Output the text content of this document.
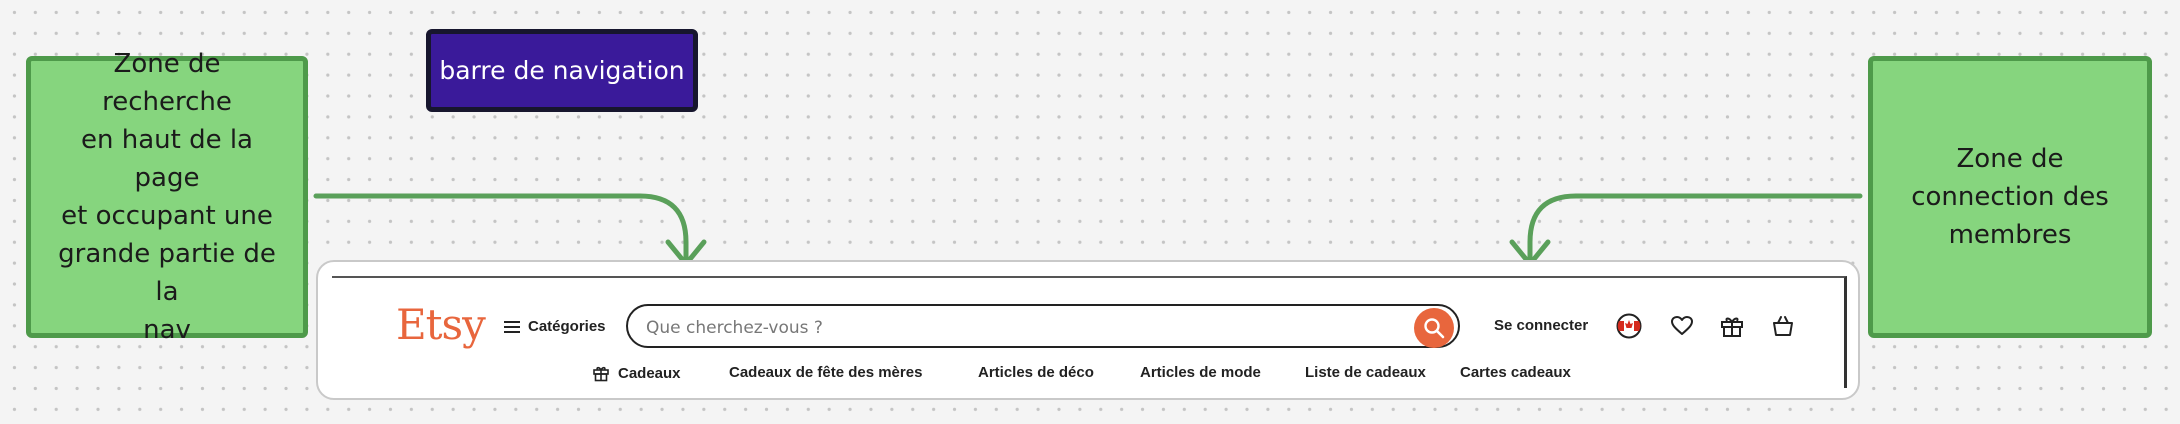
Zone de recherche
en haut de la page
et occupant une
grande partie de la
nav
barre de navigation
Zone de
connection des
membres
Etsy	Catégories
Que cherchez-vous ?	Se connecter
Cadeaux	Cadeaux de fête des mères	Articles de déco	Articles de mode	Liste de cadeaux Cartes cadeaux
